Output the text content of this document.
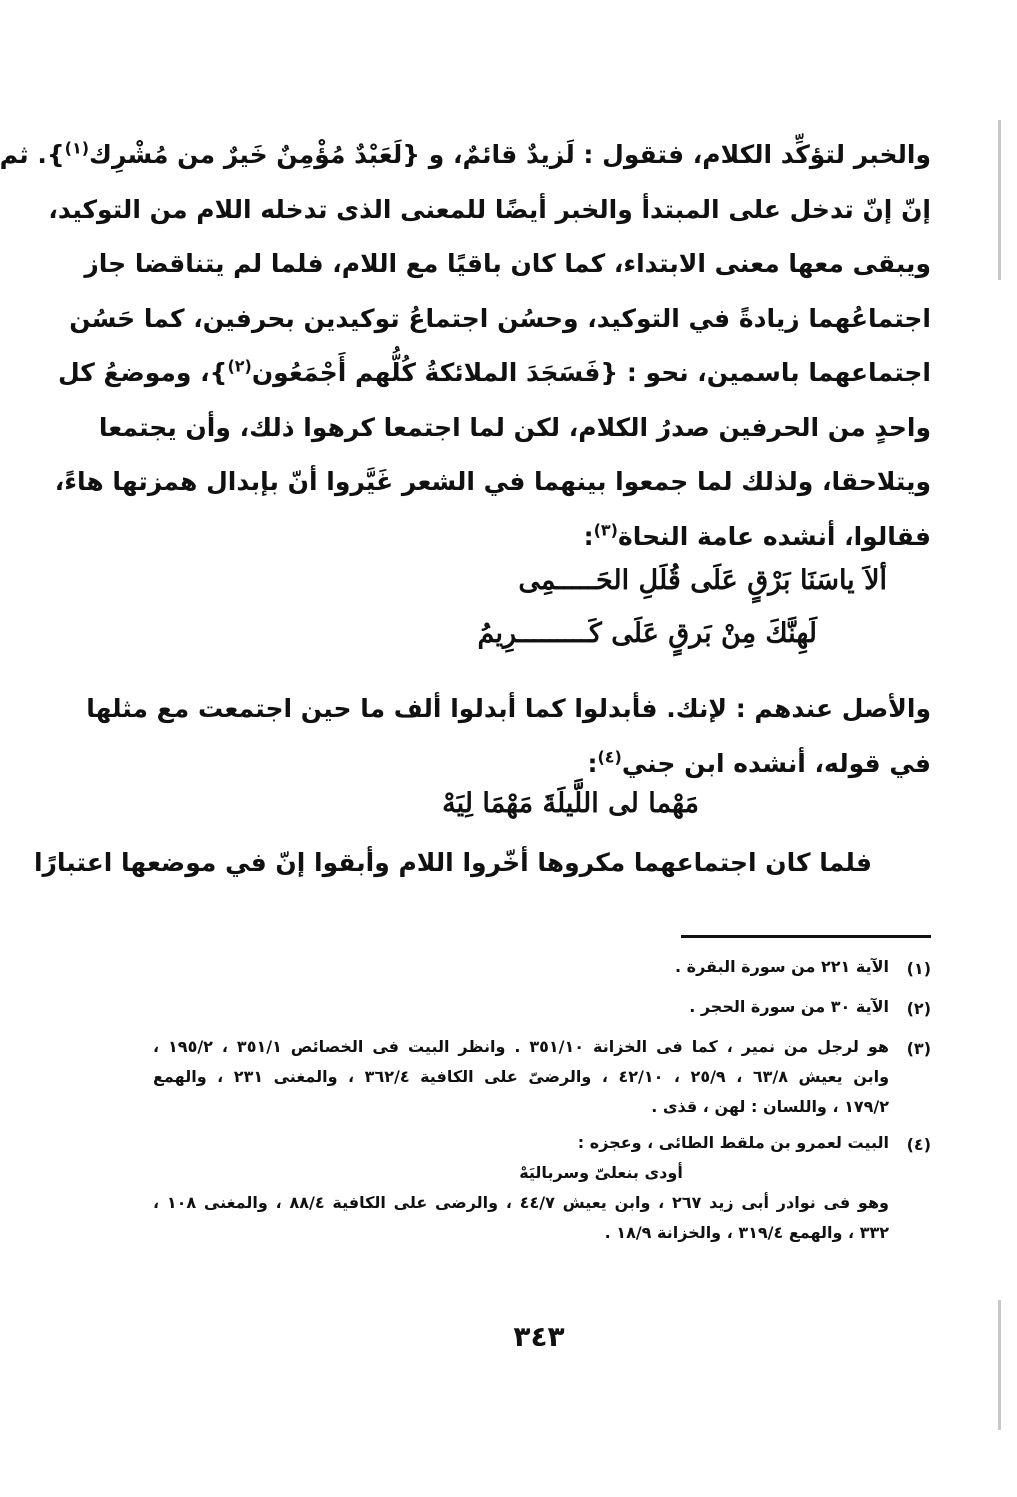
والخبر لتؤكِّد الكلام، فتقول : لَزيدٌ قائمٌ، و {لَعَبْدٌ مُؤْمِنٌ خَيرٌ من مُشْرِك$^{(١)}$}. ثم
إنّ إنّ تدخل على المبتدأ والخبر أيضًا للمعنى الذى تدخله اللام من التوكيد،
ويبقى معها معنى الابتداء، كما كان باقيًا مع اللام، فلما لم يتناقضا جاز
اجتماعُهما زيادةً في التوكيد، وحسُن اجتماعُ توكيدين بحرفين، كما حَسُن
اجتماعهما باسمين، نحو : {فَسَجَدَ الملائكةُ كُلُّهم أَجْمَعُون$^{(٢)}$}، وموضعُ كل
واحدٍ من الحرفين صدرُ الكلام، لكن لما اجتمعا كرهوا ذلك، وأن يجتمعا
ويتلاحقا، ولذلك لما جمعوا بينهما في الشعر غَيَّروا أنّ بإبدال همزتها هاءً،
فقالوا، أنشده عامة النحاة$^{(٣)}$:
ألاَ ياسَنَا بَرْقٍ عَلَى قُلَلِ الحَـــــمِى
لَهِنَّكَ مِنْ بَرقٍ عَلَى كَـــــــــرِيمُ
والأصل عندهم : لإنك. فأبدلوا كما أبدلوا ألف ما حين اجتمعت مع مثلها
في قوله، أنشده ابن جني$^{(٤)}$:
مَهْما لى اللَّيلَةَ مَهْمَا لِيَهْ
فلما كان اجتماعهما مكروها أخّروا اللام وأبقوا إنّ في موضعها اعتبارًا
(١)
الآية ٢٢١ من سورة البقرة .
(٢)
الآية ٣٠ من سورة الحجر .
(٣)
هو لرجل من نمير ، كما فى الخزانة ٣٥١/١٠ . وانظر البيت فى الخصائص ٣٥١/١ ، ١٩٥/٢ ،
وابن يعيش ٦٣/٨ ، ٢٥/٩ ، ٤٢/١٠ ، والرضىّ على الكافية ٣٦٢/٤ ، والمغنى ٢٣١ ، والهمع
١٧٩/٢ ، واللسان : لهن ، قذى .
(٤)
البيت لعمرو بن ملقط الطائى ، وعجزه :
أودى بنعلىّ وسرباليَهْ
وهو فى نوادر أبى زيد ٢٦٧ ، وابن يعيش ٤٤/٧ ، والرضى على الكافية ٨٨/٤ ، والمغنى ١٠٨ ،
٣٣٢ ، والهمع ٣١٩/٤ ، والخزانة ١٨/٩ .
٣٤٣
